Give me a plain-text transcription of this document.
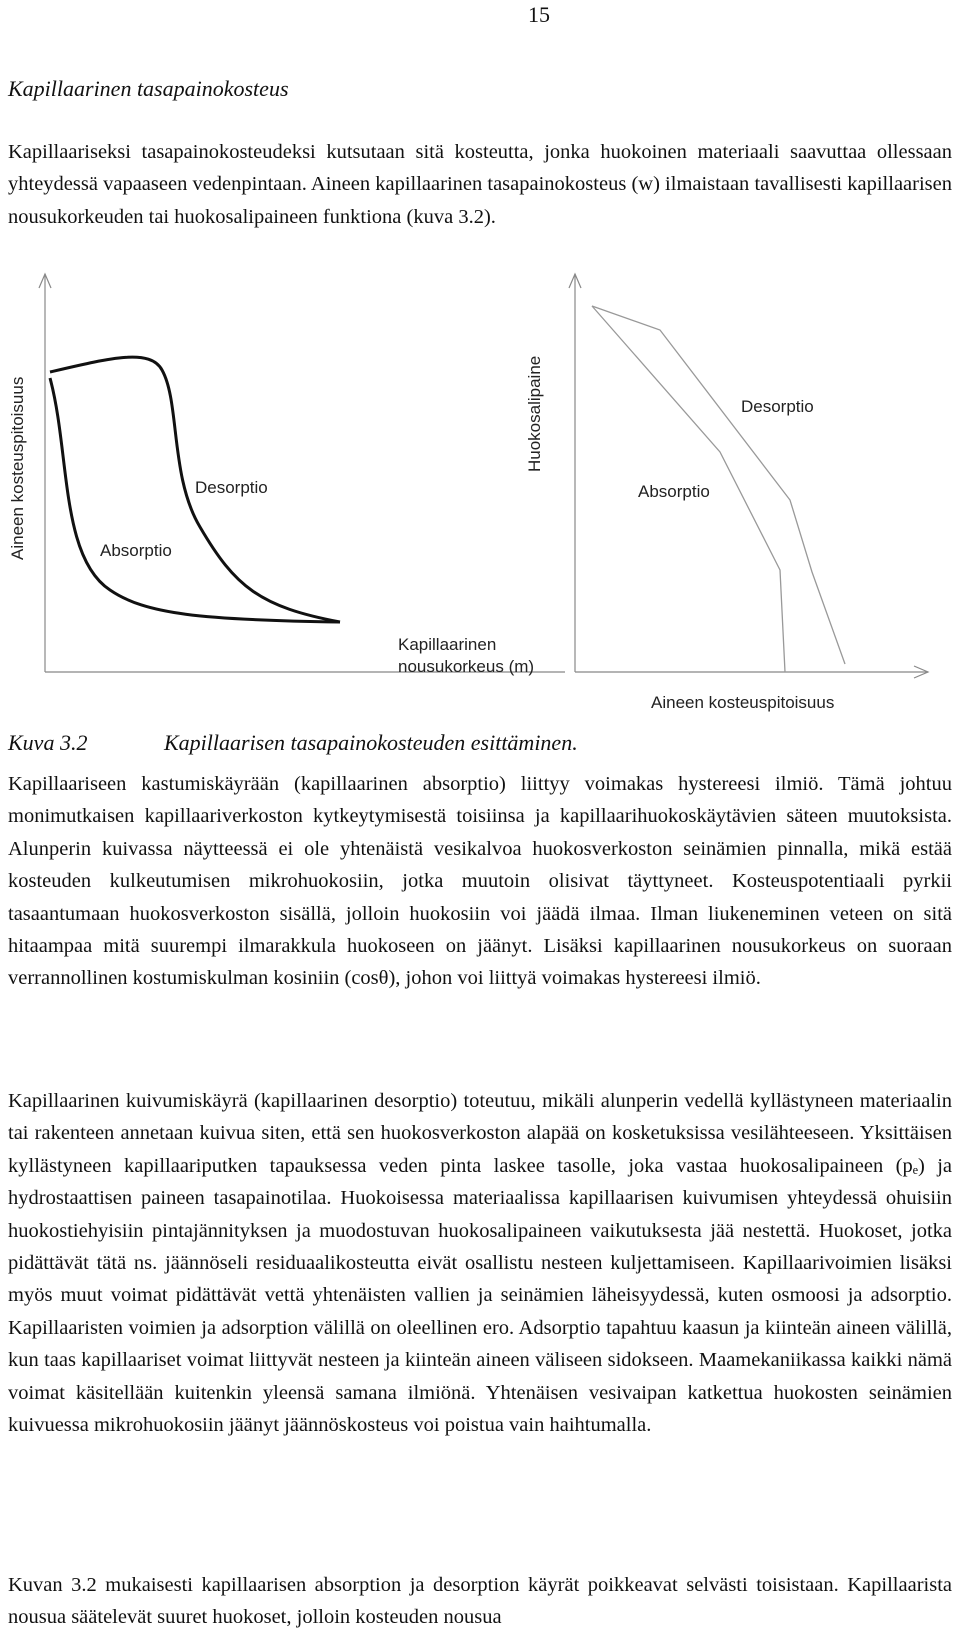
15
Kapillaarinen tasapainokosteus

Kapillaariseksi tasapainokosteudeksi kutsutaan sitä kosteutta, jonka huokoinen materiaali saavuttaa ollessaan yhteydessä vapaaseen vedenpintaan. Aineen kapillaarinen tasapainokosteus (w) ilmaistaan tavallisesti kapillaarisen nousukorkeuden tai huokosalipaineen funktiona (kuva 3.2).

Aineen kosteuspitoisuus	Desorptio
Absorptio
Kapillaarinen
nousukorkeus (m)
Huokosalipaine	Desorptio
Absorptio
Aineen kosteuspitoisuus
Kuva 3.2	Kapillaarisen tasapainokosteuden esittäminen.

Kapillaariseen kastumiskäyrään (kapillaarinen absorptio) liittyy voimakas hystereesi ilmiö. Tämä johtuu monimutkaisen kapillaariverkoston kytkeytymisestä toisiinsa ja kapillaarihuokoskäytävien säteen muutoksista. Alunperin kuivassa näytteessä ei ole yhtenäistä vesikalvoa huokosverkoston seinämien pinnalla, mikä estää kosteuden kulkeutumisen mikrohuokosiin, jotka muutoin olisivat täyttyneet. Kosteuspotentiaali pyrkii tasaantumaan huokosverkoston sisällä, jolloin huokosiin voi jäädä ilmaa. Ilman liukeneminen veteen on sitä hitaampaa mitä suurempi ilmarakkula huokoseen on jäänyt. Lisäksi kapillaarinen nousukorkeus on suoraan verrannollinen kostumiskulman kosiniin (cosθ), johon voi liittyä voimakas hystereesi ilmiö.

Kapillaarinen kuivumiskäyrä (kapillaarinen desorptio) toteutuu, mikäli alunperin vedellä kyllästyneen materiaalin tai rakenteen annetaan kuivua siten, että sen huokosverkoston alapää on kosketuksissa vesilähteeseen. Yksittäisen kyllästyneen kapillaariputken tapauksessa veden pinta laskee tasolle, joka vastaa huokosalipaineen (pₑ) ja hydrostaattisen paineen tasapainotilaa. Huokoisessa materiaalissa kapillaarisen kuivumisen yhteydessä ohuisiin huokostiehyisiin pintajännityksen ja muodostuvan huokosalipaineen vaikutuksesta jää nestettä. Huokoset, jotka pidättävät tätä ns. jäännöseli residuaalikosteutta eivät osallistu nesteen kuljettamiseen. Kapillaarivoimien lisäksi myös muut voimat pidättävät vettä yhtenäisten vallien ja seinämien läheisyydessä, kuten osmoosi ja adsorptio. Kapillaaristen voimien ja adsorption välillä on oleellinen ero. Adsorptio tapahtuu kaasun ja kiinteän aineen välillä, kun taas kapillaariset voimat liittyvät nesteen ja kiinteän aineen väliseen sidokseen. Maamekaniikassa kaikki nämä voimat käsitellään kuitenkin yleensä samana ilmiönä. Yhtenäisen vesivaipan katkettua huokosten seinämien kuivuessa mikrohuokosiin jäänyt jäännöskosteus voi poistua vain haihtumalla.

Kuvan 3.2 mukaisesti kapillaarisen absorption ja desorption käyrät poikkeavat selvästi toisistaan. Kapillaarista nousua säätelevät suuret huokoset, jolloin kosteuden nousua
